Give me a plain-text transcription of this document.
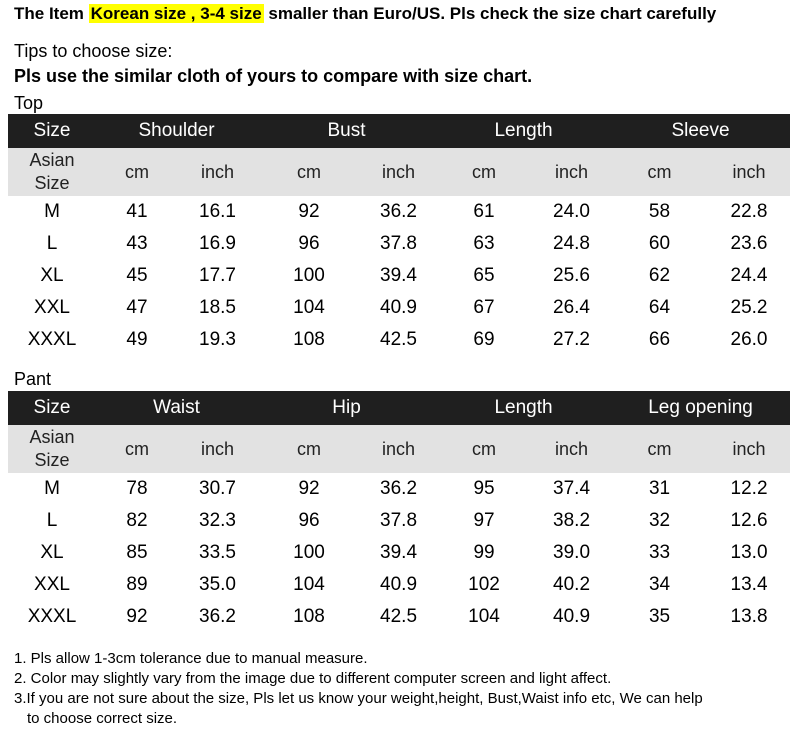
The Item Korean size , 3-4 size smaller than Euro/US. Pls check the size chart carefully
Tips to choose size:
Pls use the similar cloth of yours to compare with size chart.
Top
Size	Shoulder		Bust		Length		Sleeve	
Asian
Size	cm	inch	cm	inch	cm	inch	cm	inch
M	41	16.1	92	36.2	61	24.0	58	22.8
L	43	16.9	96	37.8	63	24.8	60	23.6
XL	45	17.7	100	39.4	65	25.6	62	24.4
XXL	47	18.5	104	40.9	67	26.4	64	25.2
XXXL	49	19.3	108	42.5	69	27.2	66	26.0
Pant
Size	Waist		Hip		Length		Leg opening	
Asian
Size	cm	inch	cm	inch	cm	inch	cm	inch
M	78	30.7	92	36.2	95	37.4	31	12.2
L	82	32.3	96	37.8	97	38.2	32	12.6
XL	85	33.5	100	39.4	99	39.0	33	13.0
XXL	89	35.0	104	40.9	102	40.2	34	13.4
XXXL	92	36.2	108	42.5	104	40.9	35	13.8
1. Pls allow 1-3cm tolerance due to manual measure.
2. Color may slightly vary from the image due to different computer screen and light affect.
3.If you are not sure about the size, Pls let us know your weight,height, Bust,Waist info etc, We can help
to choose correct size.
